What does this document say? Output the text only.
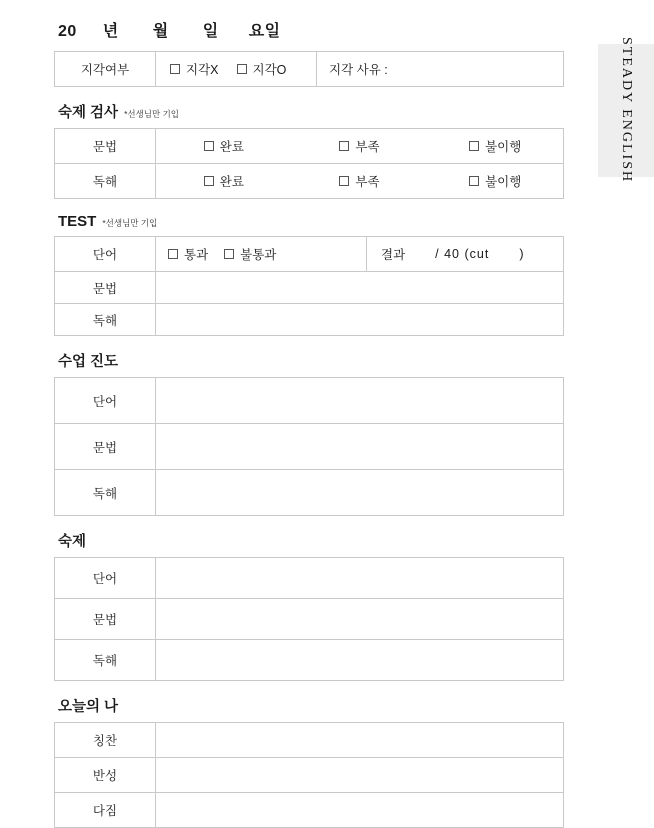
STEADY ENGLISH
20 년 월 일 요일
지각여부	지각X	지각O	지각 사유 :
숙제 검사 *선생님만 기입
문법	완료 부족 불이행

독해	완료 부족 불이행
TEST *선생님만 기입
단어	통과 불통과	결과 / 40 (cut )

문법		
독해		
수업 진도
단어	
문법	
독해	
숙제
단어	
문법	
독해	
오늘의 나
칭찬	
반성	
다짐	
